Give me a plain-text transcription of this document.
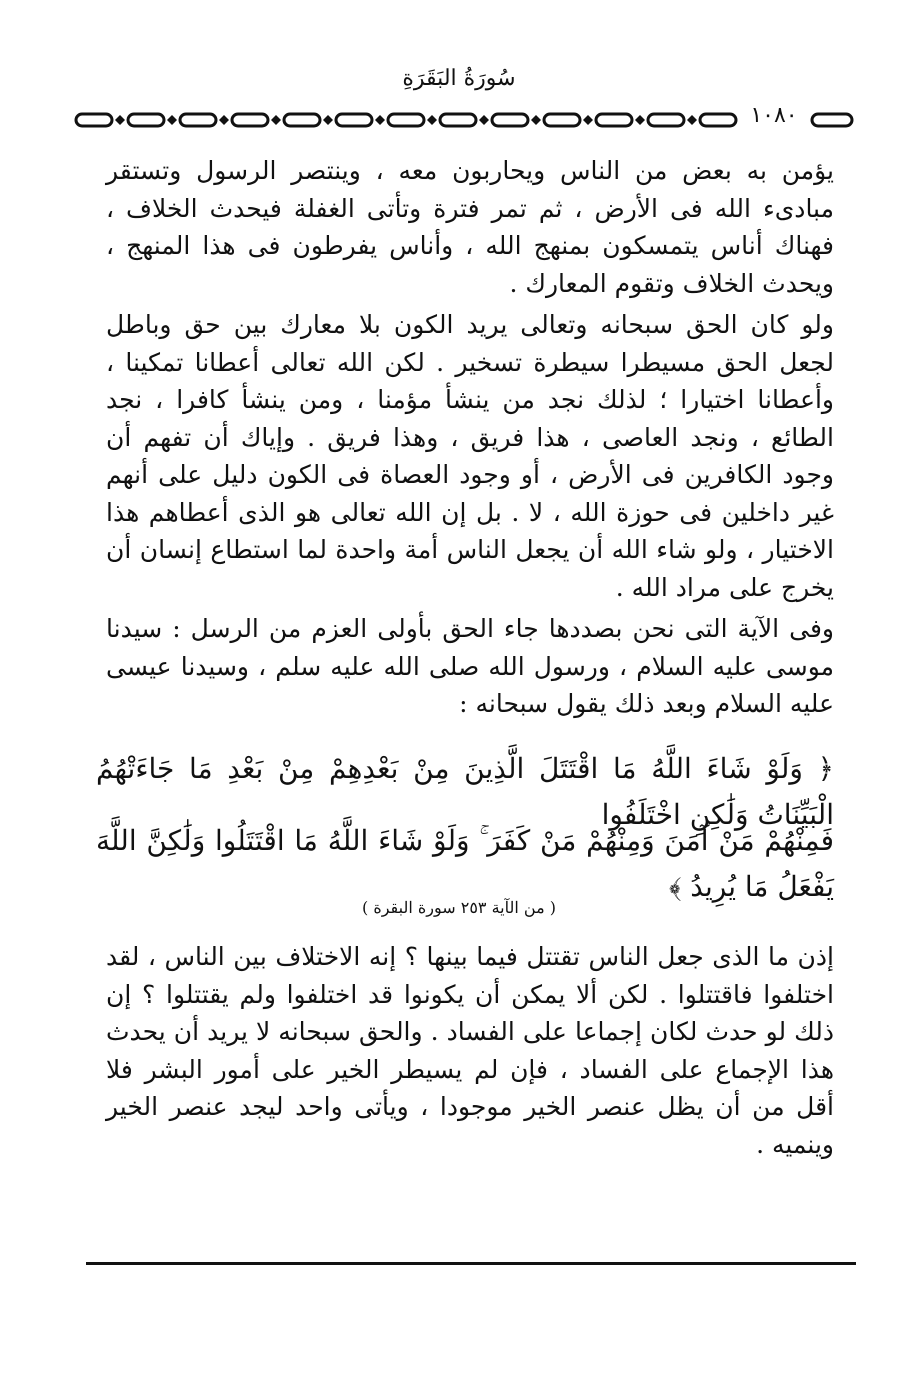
سُورَةُ البَقَرَةِ
١٠٨٠

يؤمن به بعض من الناس ويحاربون معه ، وينتصر الرسول وتستقر مبادىء الله فى الأرض ، ثم تمر فترة وتأتى الغفلة فيحدث الخلاف ، فهناك أناس يتمسكون بمنهج الله ، وأناس يفرطون فى هذا المنهج ، ويحدث الخلاف وتقوم المعارك .

ولو كان الحق سبحانه وتعالى يريد الكون بلا معارك بين حق وباطل لجعل الحق مسيطرا سيطرة تسخير . لكن الله تعالى أعطانا تمكينا ، وأعطانا اختيارا ؛ لذلك نجد من ينشأ مؤمنا ، ومن ينشأ كافرا ، نجد الطائع ، ونجد العاصى ، هذا فريق ، وهذا فريق . وإياك أن تفهم أن وجود الكافرين فى الأرض ، أو وجود العصاة فى الكون دليل على أنهم غير داخلين فى حوزة الله ، لا . بل إن الله تعالى هو الذى أعطاهم هذا الاختيار ، ولو شاء الله أن يجعل الناس أمة واحدة لما استطاع إنسان أن يخرج على مراد الله .

وفى الآية التى نحن بصددها جاء الحق بأولى العزم من الرسل : سيدنا موسى عليه السلام ، ورسول الله صلى الله عليه سلم ، وسيدنا عيسى عليه السلام وبعد ذلك يقول سبحانه :

﴿ وَلَوْ شَاءَ اللَّهُ مَا اقْتَتَلَ الَّذِينَ مِنْ بَعْدِهِمْ مِنْ بَعْدِ مَا جَاءَتْهُمُ الْبَيِّنَاتُ وَلَٰكِنِ اخْتَلَفُوا
فَمِنْهُمْ مَنْ آمَنَ وَمِنْهُمْ مَنْ كَفَرَ ۚ وَلَوْ شَاءَ اللَّهُ مَا اقْتَتَلُوا وَلَٰكِنَّ اللَّهَ يَفْعَلُ مَا يُرِيدُ ﴾
( من الآية ٢٥٣ سورة البقرة )

إذن ما الذى جعل الناس تقتتل فيما بينها ؟ إنه الاختلاف بين الناس ، لقد اختلفوا فاقتتلوا . لكن ألا يمكن أن يكونوا قد اختلفوا ولم يقتتلوا ؟ إن ذلك لو حدث لكان إجماعا على الفساد . والحق سبحانه لا يريد أن يحدث هذا الإجماع على الفساد ، فإن لم يسيطر الخير على أمور البشر فلا أقل من أن يظل عنصر الخير موجودا ، ويأتى واحد ليجد عنصر الخير وينميه .
